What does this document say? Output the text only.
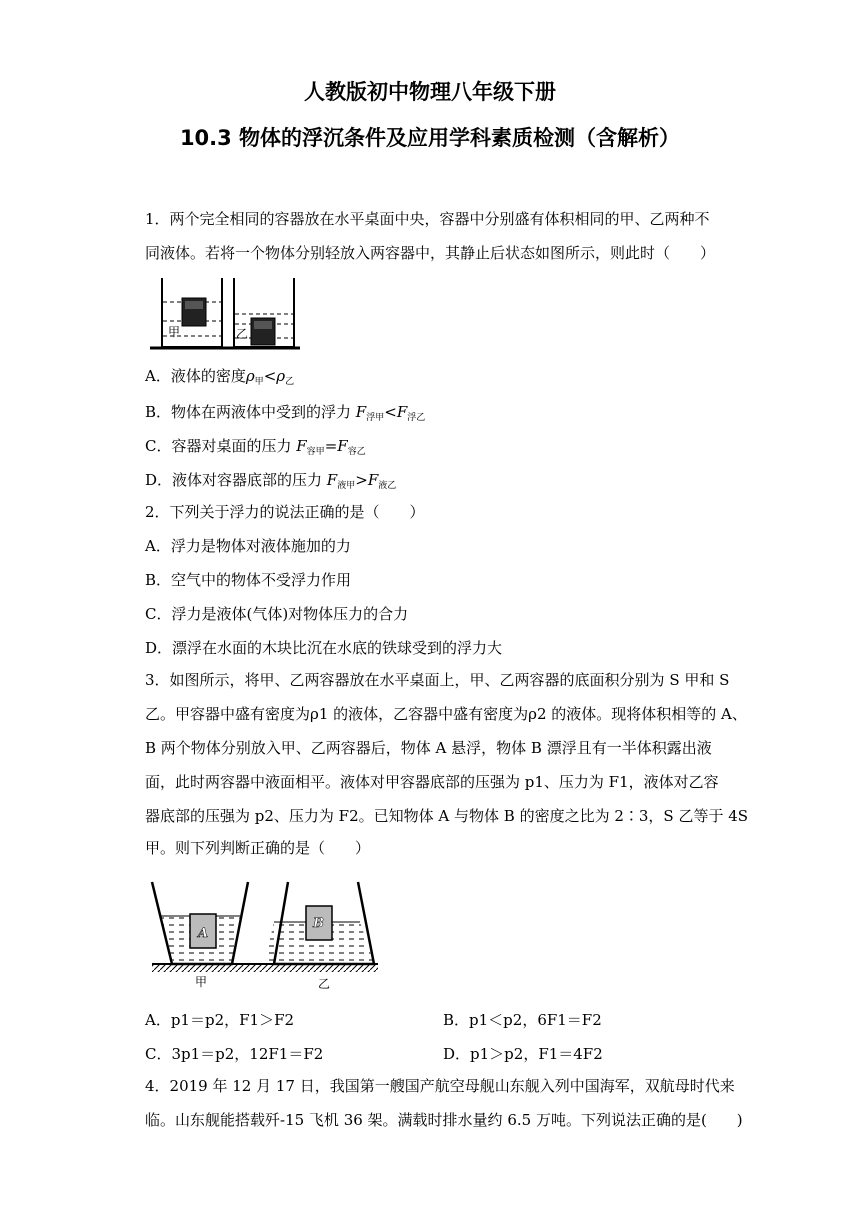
人教版初中物理八年级下册
10.3 物体的浮沉条件及应用学科素质检测（含解析）
1．两个完全相同的容器放在水平桌面中央，容器中分别盛有体积相同的甲、乙两种不
同液体。若将一个物体分别轻放入两容器中，其静止后状态如图所示，则此时（　　）
甲	乙
A．液体的密度$\rho_甲<\rho_乙$
B．物体在两液体中受到的浮力 $F_{浮甲}<F_{浮乙}$
C．容器对桌面的压力 $F_{容甲}=F_{容乙}$
D．液体对容器底部的压力 $F_{液甲}>F_{液乙}$
2．下列关于浮力的说法正确的是（　　）
A．浮力是物体对液体施加的力
B．空气中的物体不受浮力作用
C．浮力是液体(气体)对物体压力的合力
D．漂浮在水面的木块比沉在水底的铁球受到的浮力大
3．如图所示，将甲、乙两容器放在水平桌面上，甲、乙两容器的底面积分别为 S 甲和 S
乙。甲容器中盛有密度为ρ1 的液体，乙容器中盛有密度为ρ2 的液体。现将体积相等的 A、
B 两个物体分别放入甲、乙两容器后，物体 A 悬浮，物体 B 漂浮且有一半体积露出液
面，此时两容器中液面相平。液体对甲容器底部的压强为 p1、压力为 F1，液体对乙容
器底部的压强为 p2、压力为 F2。已知物体 A 与物体 B 的密度之比为 2∶3，S 乙等于 4S
甲。则下列判断正确的是（　　）
A
B
甲	乙
A．p1＝p2，F1＞F2	B．p1＜p2，6F1＝F2
C．3p1＝p2，12F1＝F2	D．p1＞p2，F1＝4F2
4．2019 年 12 月 17 日，我国第一艘国产航空母舰山东舰入列中国海军，双航母时代来
临。山东舰能搭载歼-15 飞机 36 架。满载时排水量约 6.5 万吨。下列说法正确的是(　　)
